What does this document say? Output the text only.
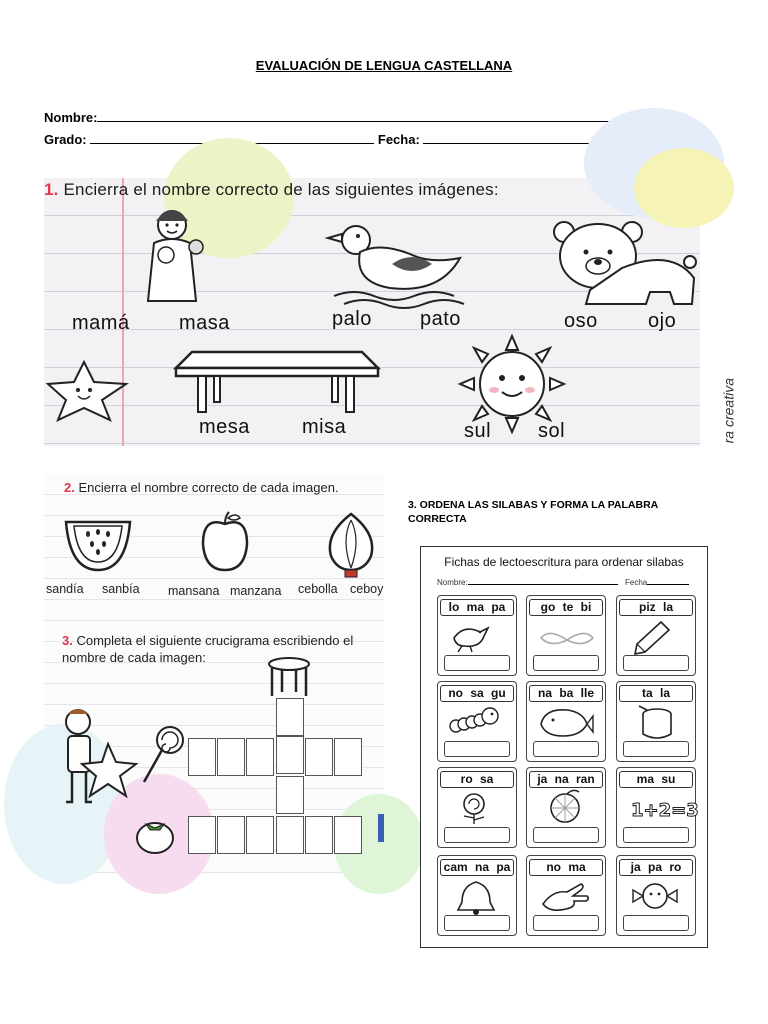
EVALUACIÓN DE LENGUA CASTELLANA
Nombre:
Grado:	Fecha:
1. Encierra el nombre correcto de las siguientes imágenes:
mamá masa	palo pato	oso	ojo
mesa	misa	sul sol	ra creativa
2. Encierra el nombre correcto de cada imagen.
sandía sanbía mansana manzana cebolla ceboy
3. Completa el siguiente crucigrama escribiendo el nombre de cada imagen:
3. ORDENA LAS SILABAS Y FORMA LA PALABRA CORRECTA
Fichas de lectoescritura para ordenar silabas
Nombre:	Fecha
lo ma pa	go te bi	piz la
no sa gu	na ba lle	ta la
ro sa	ja na ran	ma su
1+2=3
cam na pa	no ma	ja pa ro
